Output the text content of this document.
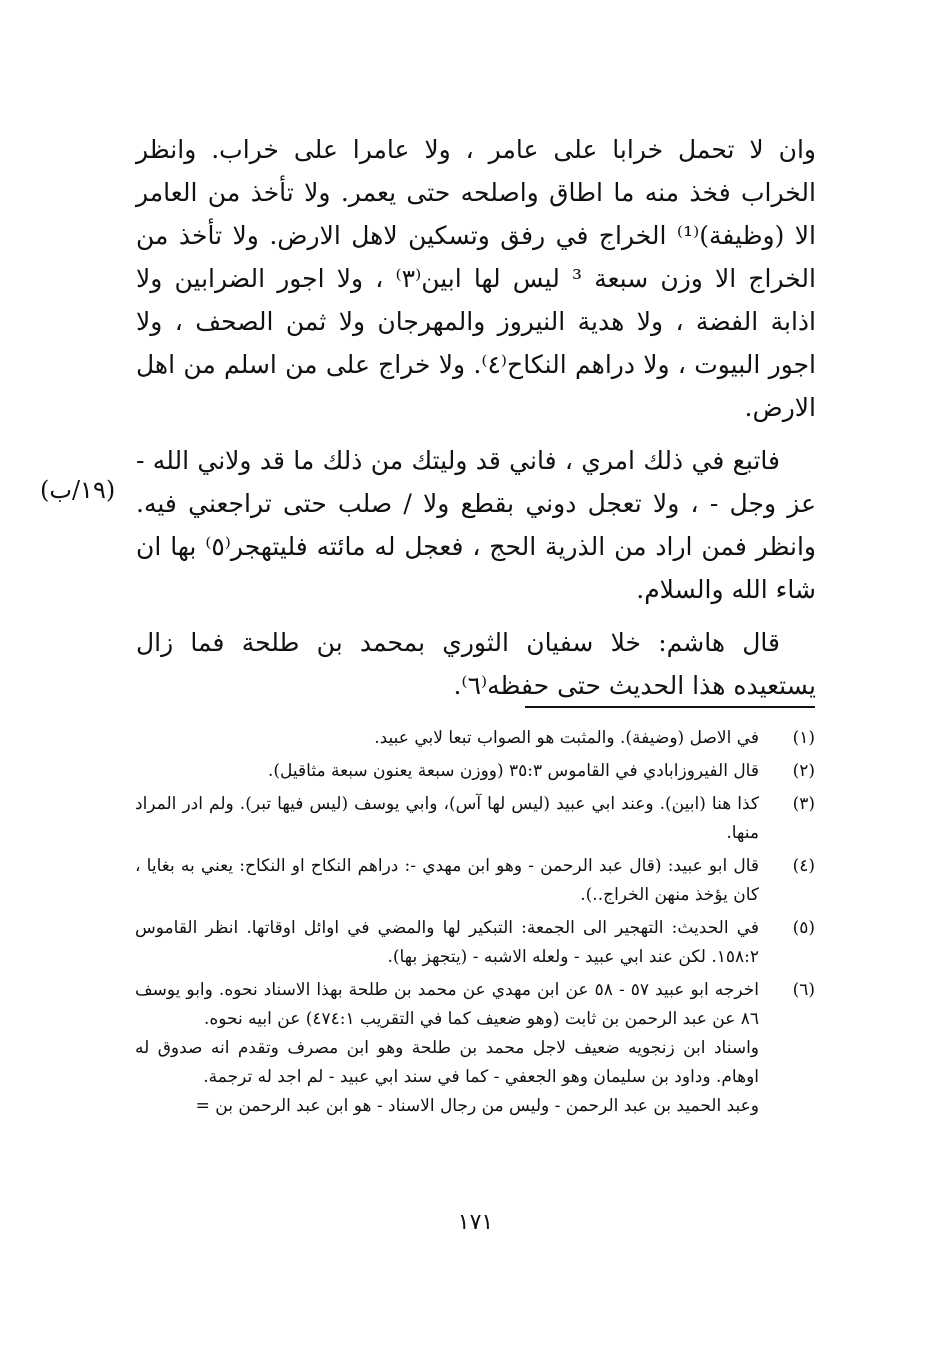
وان لا تحمل خرابا على عامر ، ولا عامرا على خراب. وانظر الخراب فخذ منه ما اطاق واصلحه حتى يعمر. ولا تأخذ من العامر الا (وظيفة)⁽¹⁾ الخراج في رفق وتسكين لاهل الارض. ولا تأخذ من الخراج الا وزن سبعة ³ ليس لها ابين⁽٣⁾ ، ولا اجور الضرابين ولا اذابة الفضة ، ولا هدية النيروز والمهرجان ولا ثمن الصحف ، ولا اجور البيوت ، ولا دراهم النكاح⁽٤⁾. ولا خراج على من اسلم من اهل الارض.

فاتبع في ذلك امري ، فاني قد وليتك من ذلك ما قد ولاني الله - عز وجل - ، ولا تعجل دوني بقطع ولا / صلب حتى تراجعني فيه. وانظر فمن اراد من الذرية الحج ، فعجل له مائته فليتهجر⁽٥⁾ بها ان شاء الله والسلام.

قال هاشم: خلا سفيان الثوري بمحمد بن طلحة فما زال يستعيده هذا الحديث حتى حفظه⁽٦⁾.

(١٩/ب)
(١)
في الاصل (وضيفة). والمثبت هو الصواب تبعا لابي عبيد.
(٢)
قال الفيروزابادي في القاموس ٣٥:٣ (ووزن سبعة يعنون سبعة مثاقيل).
(٣)
كذا هنا (ابين). وعند ابي عبيد (ليس لها آس)، وابي يوسف (ليس فيها تبر). ولم ادر المراد منها.
(٤)
قال ابو عبيد: (قال عبد الرحمن - وهو ابن مهدي -: دراهم النكاح او النكاح: يعني به بغايا ، كان يؤخذ منهن الخراج..).
(٥)
في الحديث: التهجير الى الجمعة: التبكير لها والمضي في اوائل اوقاتها. انظر القاموس ١٥٨:٢. لكن عند ابي عبيد - ولعله الاشبه - (يتجهز بها).
(٦)
اخرجه ابو عبيد ٥٧ - ٥٨ عن ابن مهدي عن محمد بن طلحة بهذا الاسناد نحوه. وابو يوسف ٨٦ عن عبد الرحمن بن ثابت (وهو ضعيف كما في التقريب ٤٧٤:١) عن ابيه نحوه.
واسناد ابن زنجويه ضعيف لاجل محمد بن طلحة وهو ابن مصرف وتقدم انه صدوق له اوهام. وداود بن سليمان وهو الجعفي - كما في سند ابي عبيد - لم اجد له ترجمة.
وعبد الحميد بن عبد الرحمن - وليس من رجال الاسناد - هو ابن عبد الرحمن بن =
١٧١
